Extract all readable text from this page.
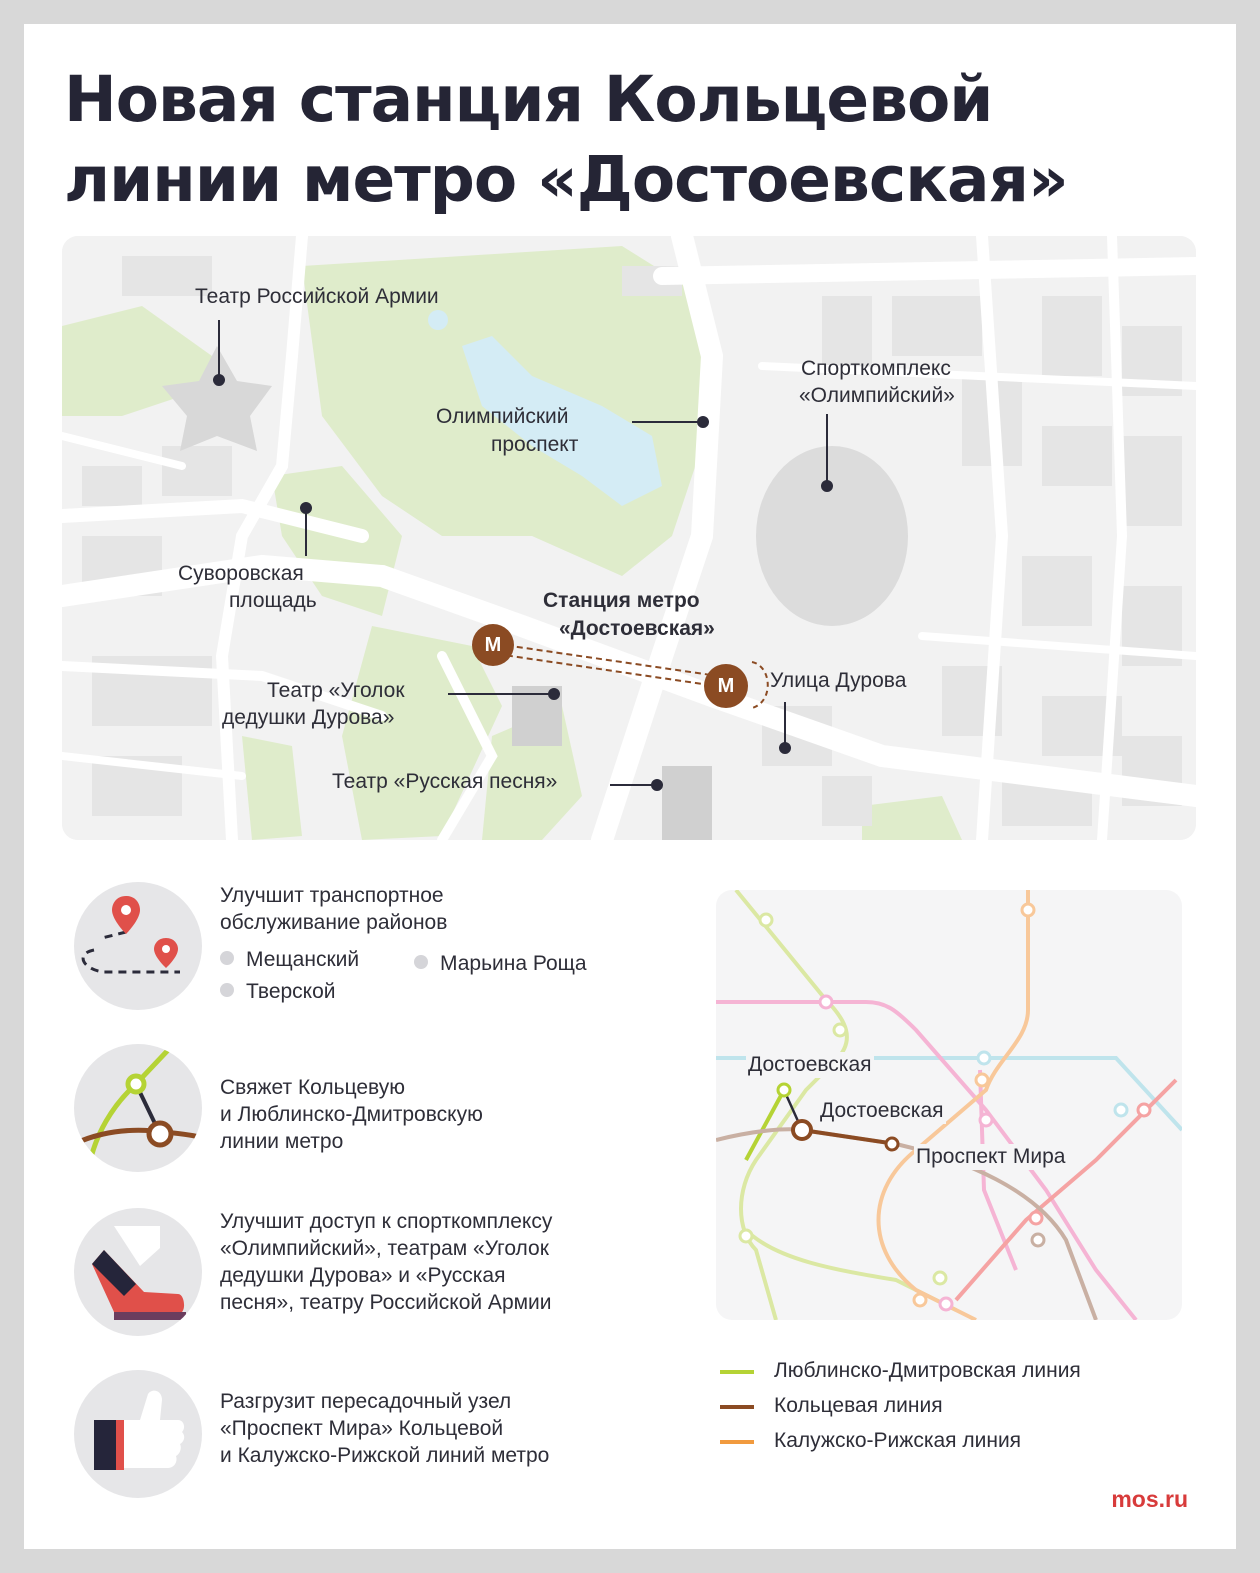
Новая станция Кольцевой
линии метро «Достоевская»
Театр Российской Армии
Олимпийский
проспект
Спорткомплекс
«Олимпийский»
Суворовская
площадь	Станция метро
«Достоевская»
Улица Дурова
Театр «Уголок
дедушки Дурова»
Театр «Русская песня»
М
М
Улучшит транспортное
обслуживание районов
Мещанский	Марьина Роща
Тверской
Свяжет Кольцевую
и Люблинско-Дмитровскую
линии метро
Улучшит доступ к спорткомплексу
«Олимпийский», театрам «Уголок
дедушки Дурова» и «Русская
песня», театру Российской Армии
Разгрузит пересадочный узел
«Проспект Мира» Кольцевой
и Калужско-Рижской линий метро
Достоевская
Достоевская
Проспект Мира
Люблинско-Дмитровская линия
Кольцевая линия
Калужско-Рижская линия
mos.ru
